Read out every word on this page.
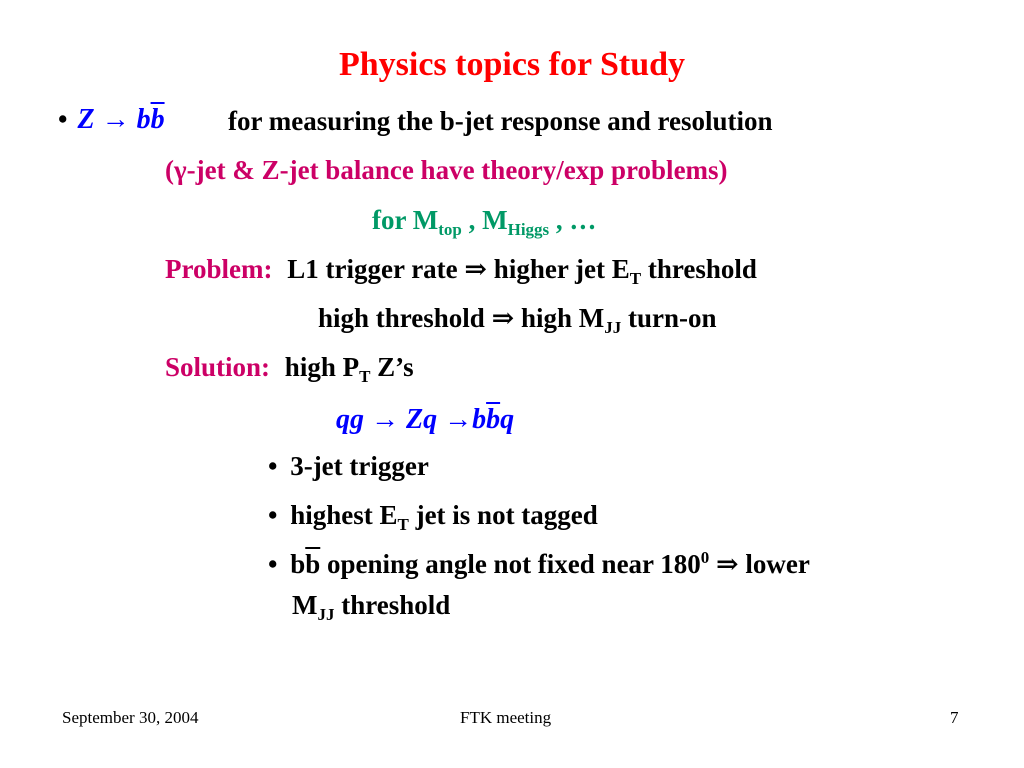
Physics topics for Study
• $Z \to b\overline{b}$ for measuring the b-jet response and resolution
(γ-jet & Z-jet balance have theory/exp problems)
for $M_{top}$ , $M_{Higgs}$ , …
Problem: L1 trigger rate ⇒ higher jet $E_T$ threshold
high threshold ⇒ high $M_{JJ}$ turn-on
Solution: high $P_T$ Z’s
qg → $Zq \to b\overline{b}q$
• 3-jet trigger
• highest $E_T$ jet is not tagged
• $b\overline{b}$ opening angle not fixed near $180^0$ ⇒ lower
$M_{JJ}$ threshold
September 30, 2004	FTK meeting	7
